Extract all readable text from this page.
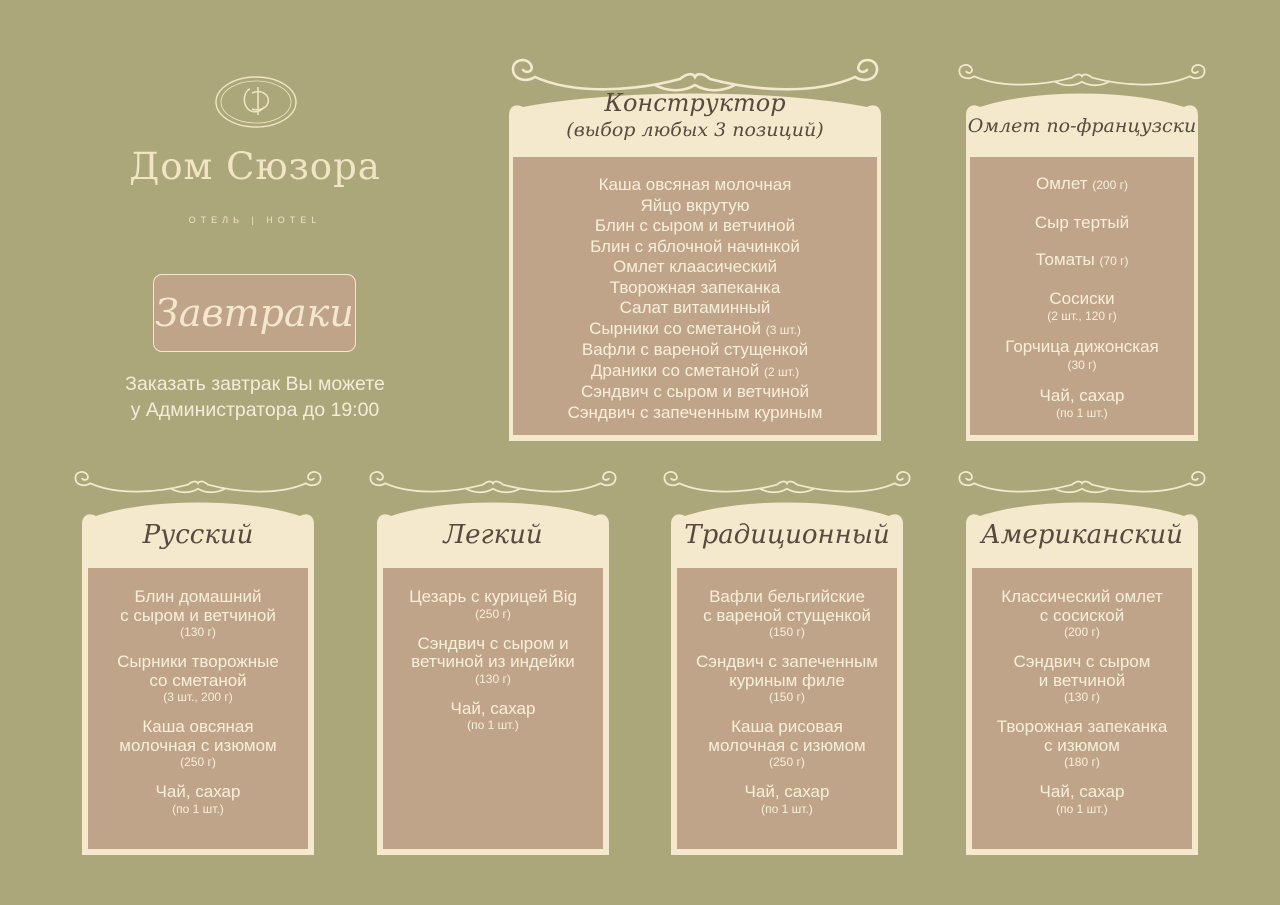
Дом Сюзора
ОТЕЛЬ | HOTEL
Завтраки
Заказать завтрак Вы можете
у Администратора до 19:00
Конструктор
(выбор любых 3 позиций)
Каша овсяная молочная
Яйцо вкрутую
Блин с сыром и ветчиной
Блин с яблочной начинкой
Омлет клаасический
Творожная запеканка
Салат витаминный
Сырники со сметаной (3 шт.)
Вафли с вареной стущенкой
Драники со сметаной (2 шт.)
Сэндвич с сыром и ветчиной
Сэндвич с запеченным куриным
Омлет по-французски
Омлет (200 г)
Сыр тертый
Томаты (70 г)
Сосиски
(2 шт., 120 г)
Горчица дижонская
(30 г)
Чай, сахар
(по 1 шт.)
Русский
Блин домашний
с сыром и ветчиной
(130 г)
Сырники творожные
со сметаной
(3 шт., 200 г)
Каша овсяная
молочная с изюмом
(250 г)
Чай, сахар
(по 1 шт.)
Легкий
Цезарь с курицей Big
(250 г)
Сэндвич с сыром и
ветчиной из индейки
(130 г)
Чай, сахар
(по 1 шт.)
Традиционный
Вафли бельгийские
с вареной стущенкой
(150 г)
Сэндвич с запеченным
куриным филе
(150 г)
Каша рисовая
молочная с изюмом
(250 г)
Чай, сахар
(по 1 шт.)
Американский
Классический омлет
с сосиской
(200 г)
Сэндвич с сыром
и ветчиной
(130 г)
Творожная запеканка
с изюмом
(180 г)
Чай, сахар
(по 1 шт.)
